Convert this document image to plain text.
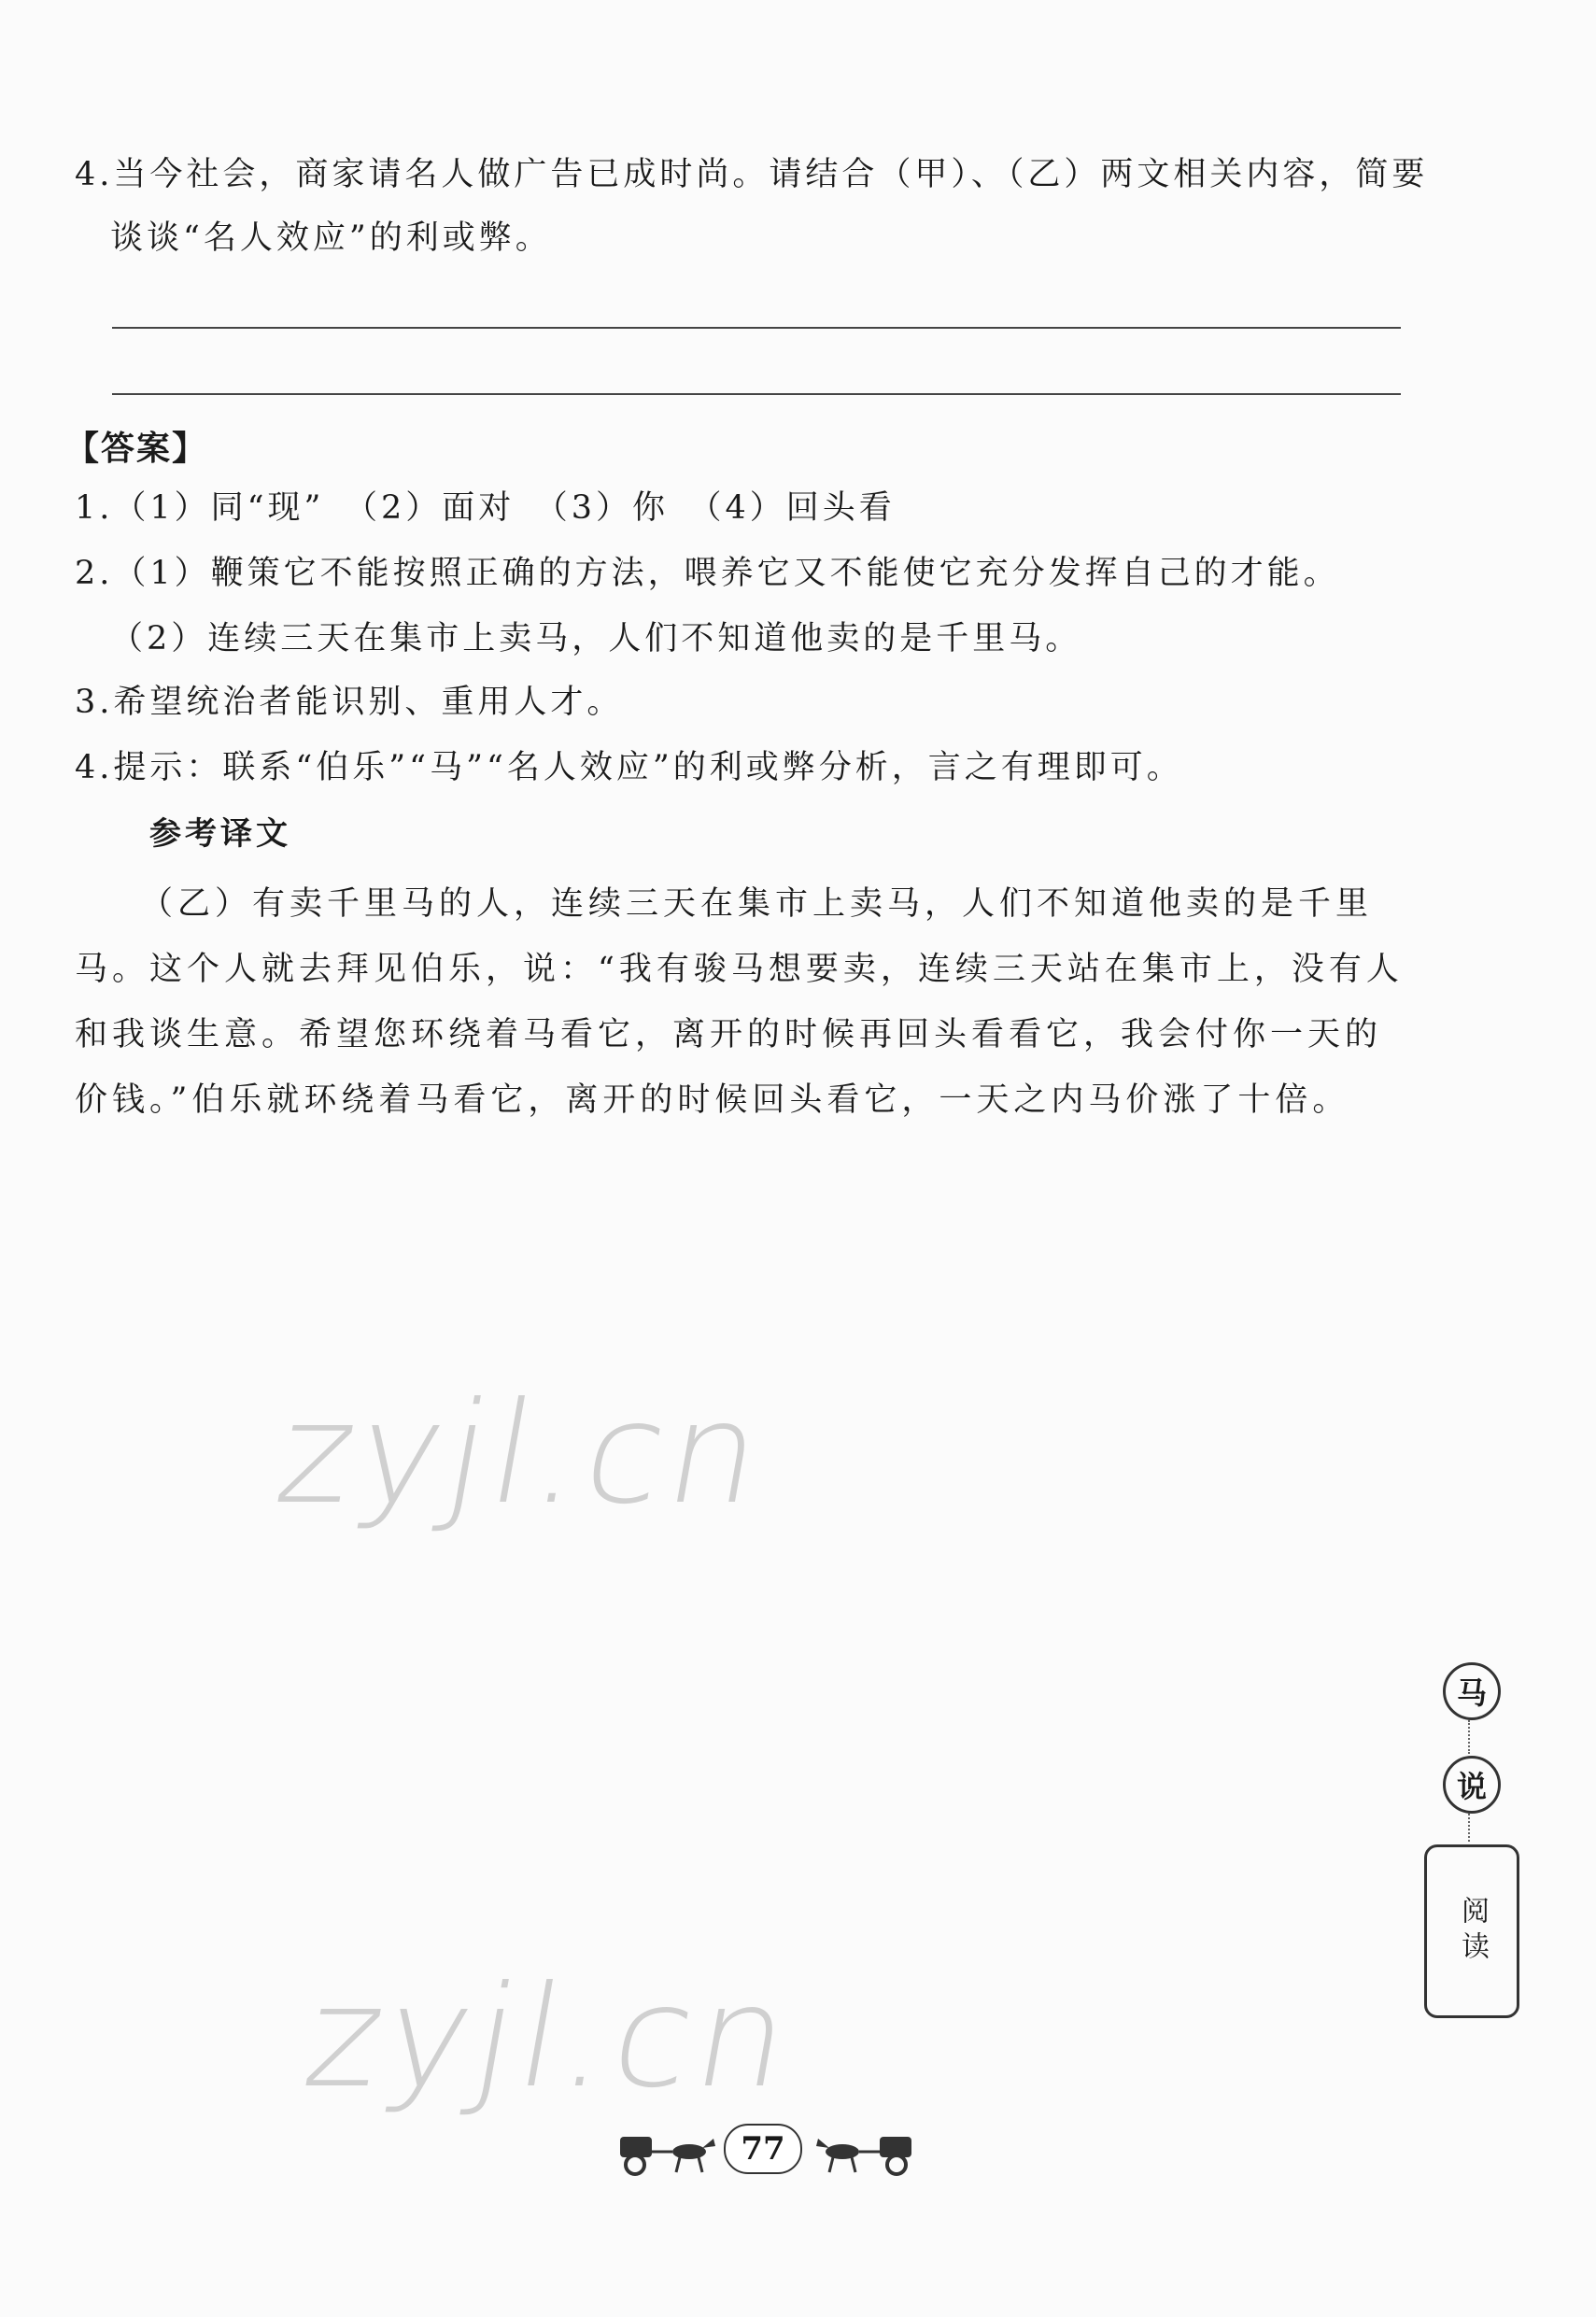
4.当今社会，商家请名人做广告已成时尚。请结合（甲）、（乙）两文相关内容，简要
谈谈“名人效应”的利或弊。
【答案】
1.（1）同“现”　（2）面对　（3）你　（4）回头看
2.（1）鞭策它不能按照正确的方法，喂养它又不能使它充分发挥自己的才能。
（2）连续三天在集市上卖马，人们不知道他卖的是千里马。
3.希望统治者能识别、重用人才。
4.提示：联系“伯乐”“马”“名人效应”的利或弊分析，言之有理即可。
参考译文
（乙）有卖千里马的人，连续三天在集市上卖马，人们不知道他卖的是千里马。这个人就去拜见伯乐，说：“我有骏马想要卖，连续三天站在集市上，没有人和我谈生意。希望您环绕着马看它，离开的时候再回头看看它，我会付你一天的价钱。”伯乐就环绕着马看它，离开的时候回头看它，一天之内马价涨了十倍。
zyjl.cn
zyjl.cn
马
说
阅读
77
